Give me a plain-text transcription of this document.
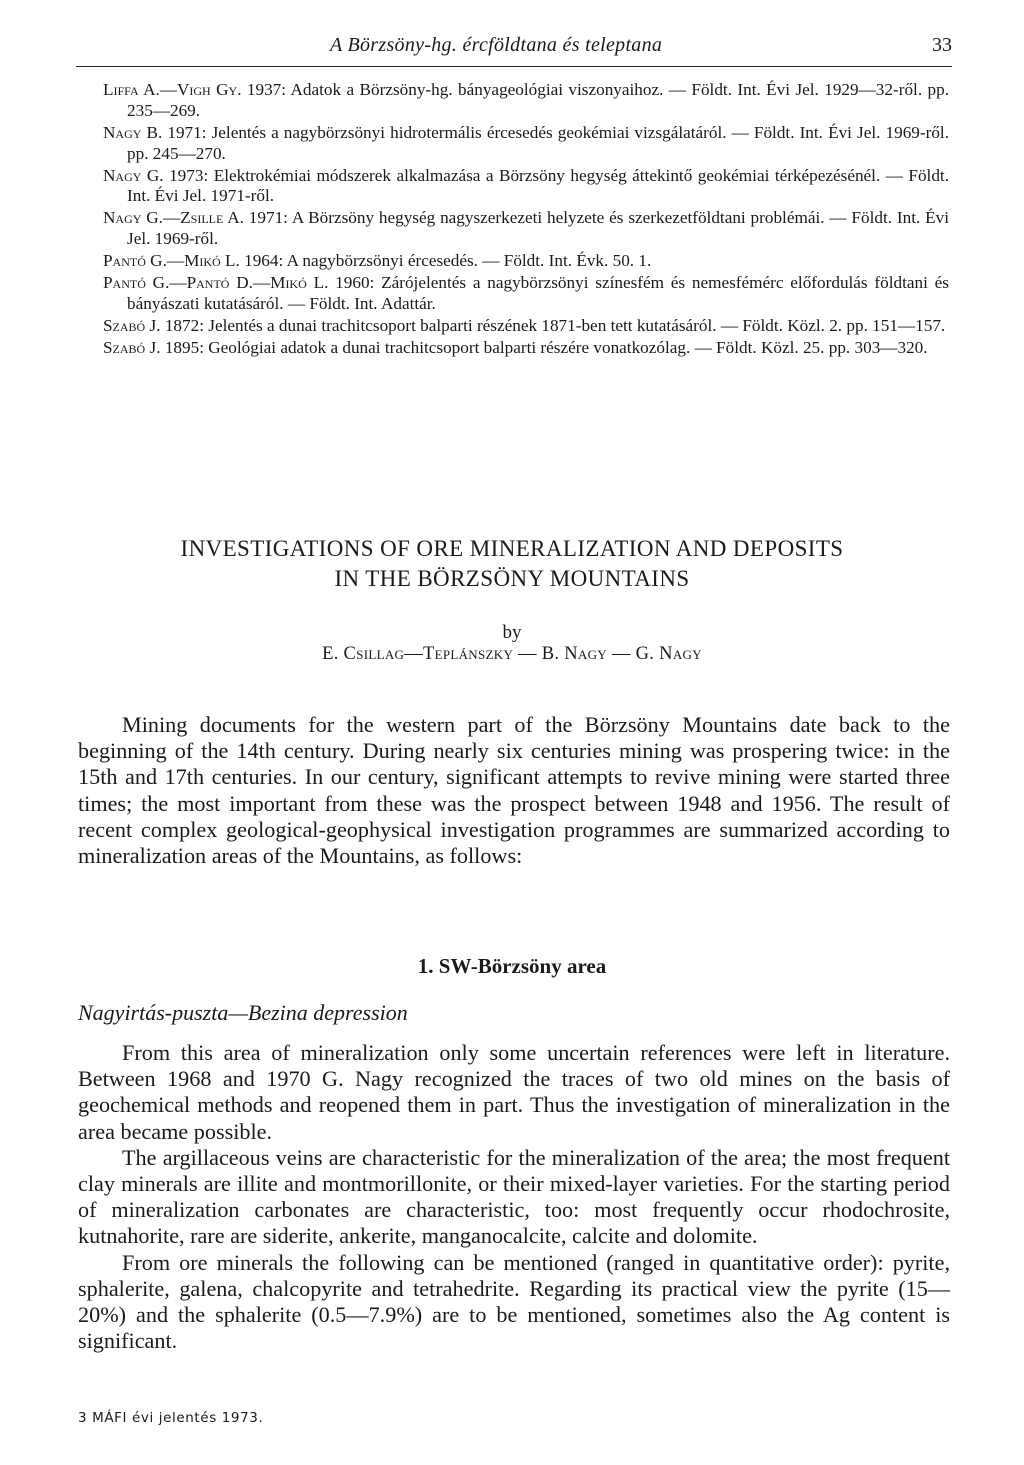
A Börzsöny-hg. ércföldtana és teleptana	33

Liffa A.—Vigh Gy. 1937: Adatok a Börzsöny-hg. bányageológiai viszonyaihoz. — Földt. Int. Évi Jel. 1929—32-ről. pp. 235—269.

Nagy B. 1971: Jelentés a nagybörzsönyi hidrotermális ércesedés geokémiai vizsgálatáról. — Földt. Int. Évi Jel. 1969-ről. pp. 245—270.

Nagy G. 1973: Elektrokémiai módszerek alkalmazása a Börzsöny hegység áttekintő geokémiai térképezésénél. — Földt. Int. Évi Jel. 1971-ről.

Nagy G.—Zsille A. 1971: A Börzsöny hegység nagyszerkezeti helyzete és szerkezetföldtani problémái. — Földt. Int. Évi Jel. 1969-ről.

Pantó G.—Mikó L. 1964: A nagybörzsönyi ércesedés. — Földt. Int. Évk. 50. 1.

Pantó G.—Pantó D.—Mikó L. 1960: Zárójelentés a nagybörzsönyi színesfém és nemesfémérc előfordulás földtani és bányászati kutatásáról. — Földt. Int. Adattár.

Szabó J. 1872: Jelentés a dunai trachitcsoport balparti részének 1871-ben tett kutatásáról. — Földt. Közl. 2. pp. 151—157.

Szabó J. 1895: Geológiai adatok a dunai trachitcsoport balparti részére vonatkozólag. — Földt. Közl. 25. pp. 303—320.

INVESTIGATIONS OF ORE MINERALIZATION AND DEPOSITS
IN THE BÖRZSÖNY MOUNTAINS
by
E. Csillag—Teplánszky — B. Nagy — G. Nagy

Mining documents for the western part of the Börzsöny Mountains date back to the beginning of the 14th century. During nearly six centuries mining was prospering twice: in the 15th and 17th centuries. In our century, significant attempts to revive mining were started three times; the most important from these was the prospect between 1948 and 1956. The result of recent complex geological-geophysical investigation programmes are summarized according to mineralization areas of the Mountains, as follows:

1. SW-Börzsöny area
Nagyirtás-puszta—Bezina depression

From this area of mineralization only some uncertain references were left in literature. Between 1968 and 1970 G. Nagy recognized the traces of two old mines on the basis of geochemical methods and reopened them in part. Thus the investigation of mineralization in the area became possible.

The argillaceous veins are characteristic for the mineralization of the area; the most frequent clay minerals are illite and montmorillonite, or their mixed-layer varieties. For the starting period of mineralization carbonates are characteristic, too: most frequently occur rhodochrosite, kutnahorite, rare are siderite, ankerite, manganocalcite, calcite and dolomite.

From ore minerals the following can be mentioned (ranged in quantitative order): pyrite, sphalerite, galena, chalcopyrite and tetrahedrite. Regarding its practical view the pyrite (15—20%) and the sphalerite (0.5—7.9%) are to be mentioned, sometimes also the Ag content is significant.

3 MÁFI évi jelentés 1973.
